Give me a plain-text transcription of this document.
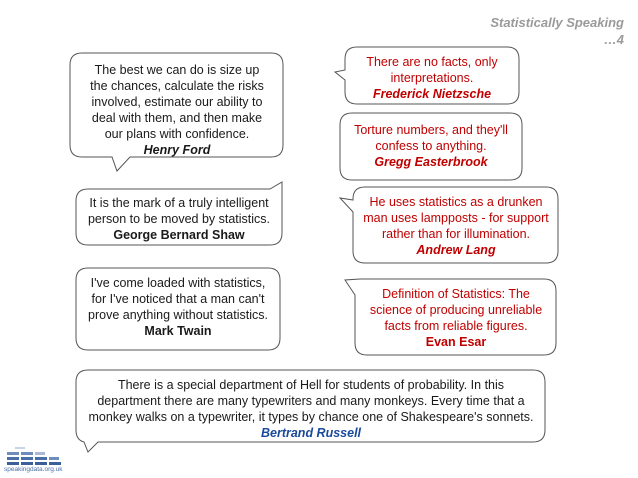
Statistically Speaking
…4
The best we can do is size up
the chances, calculate the risks
involved, estimate our ability to
deal with them, and then make
our plans with confidence.
Henry Ford
There are no facts, only
interpretations.
Frederick Nietzsche
Torture numbers, and they'll
confess to anything.
Gregg Easterbrook
It is the mark of a truly intelligent
person to be moved by statistics.
George Bernard Shaw
He uses statistics as a drunken
man uses lampposts - for support
rather than for illumination.
Andrew Lang
I've come loaded with statistics,
for I've noticed that a man can't
prove anything without statistics.
Mark Twain
Definition of Statistics: The
science of producing unreliable
facts from reliable figures.
Evan Esar
There is a special department of Hell for students of probability. In this
department there are many typewriters and many monkeys. Every time that a
monkey walks on a typewriter, it types by chance one of Shakespeare's sonnets.
Bertrand Russell
speakingdata.org.uk
